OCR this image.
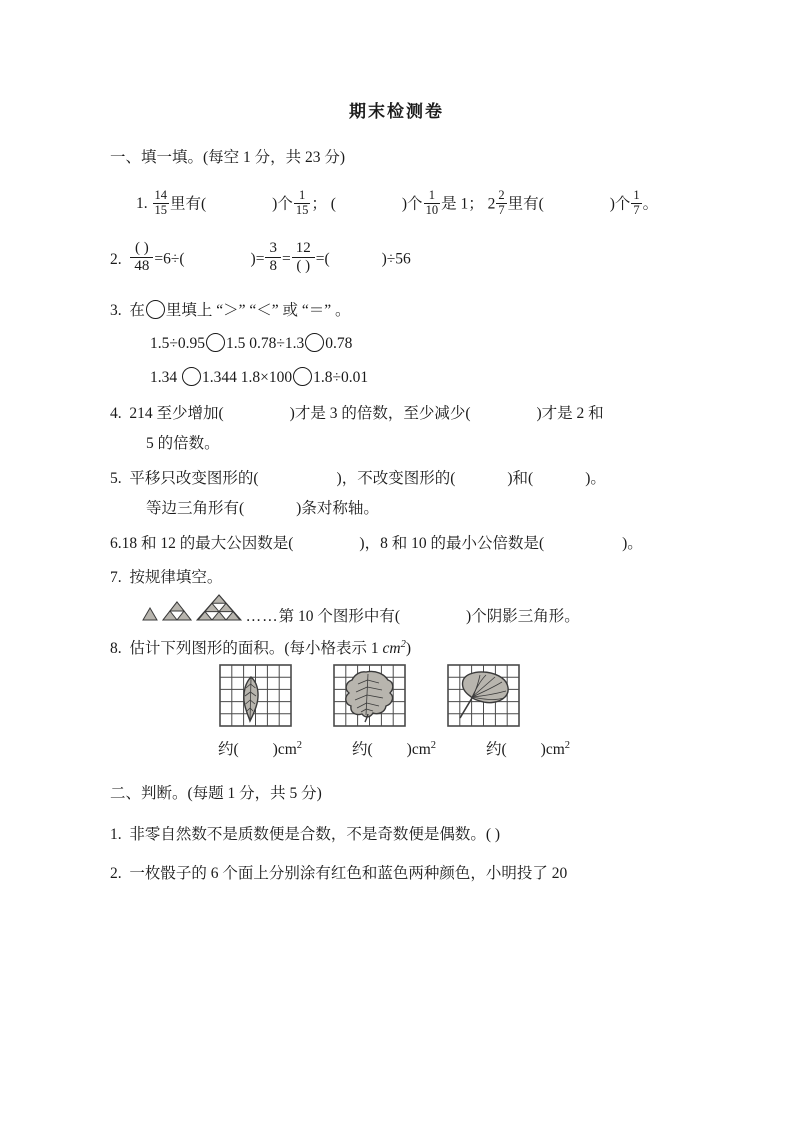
期末检测卷
一、填一填。(每空 1 分，共 23 分)
1. $\frac{14}{15}$ 里有(	)个 $\frac{1}{15}$ ； (	)个 $\frac{1}{10}$ 是 1； $2 \frac{2}{7}$ 里有(	)个 $\frac{1}{7}$ 。
2. $\frac{( )}{48} =6\div$(	)= $\frac{3}{8} = \frac{12}{( )}$ =(	)÷56
3. 在 里填上 “＞” “＜” 或 “＝” 。
1.5÷0.95 1.5 0.78÷1.3 0.78
1.34 1.344 1.8×100 1.8÷0.01
4. 214 至少增加(	)才是 3 的倍数，至少减少(	)才是 2 和
5 的倍数。
5. 平移只改变图形的(	)，不改变图形的(	)和(	)。
等边三角形有(	)条对称轴。
6.18 和 12 的最大公因数是(	)，8 和 10 的最小公倍数是(	)。
7. 按规律填空。
……第 10 个图形中有(	)个阴影三角形。
8. 估计下列图形的面积。(每小格表示 1 $cm^2$)
约( )$cm^2$	约( )$cm^2$	约( )$cm^2$
二、判断。(每题 1 分，共 5 分)
1. 非零自然数不是质数便是合数，不是奇数便是偶数。( )
2. 一枚骰子的 6 个面上分别涂有红色和蓝色两种颜色，小明投了 20
